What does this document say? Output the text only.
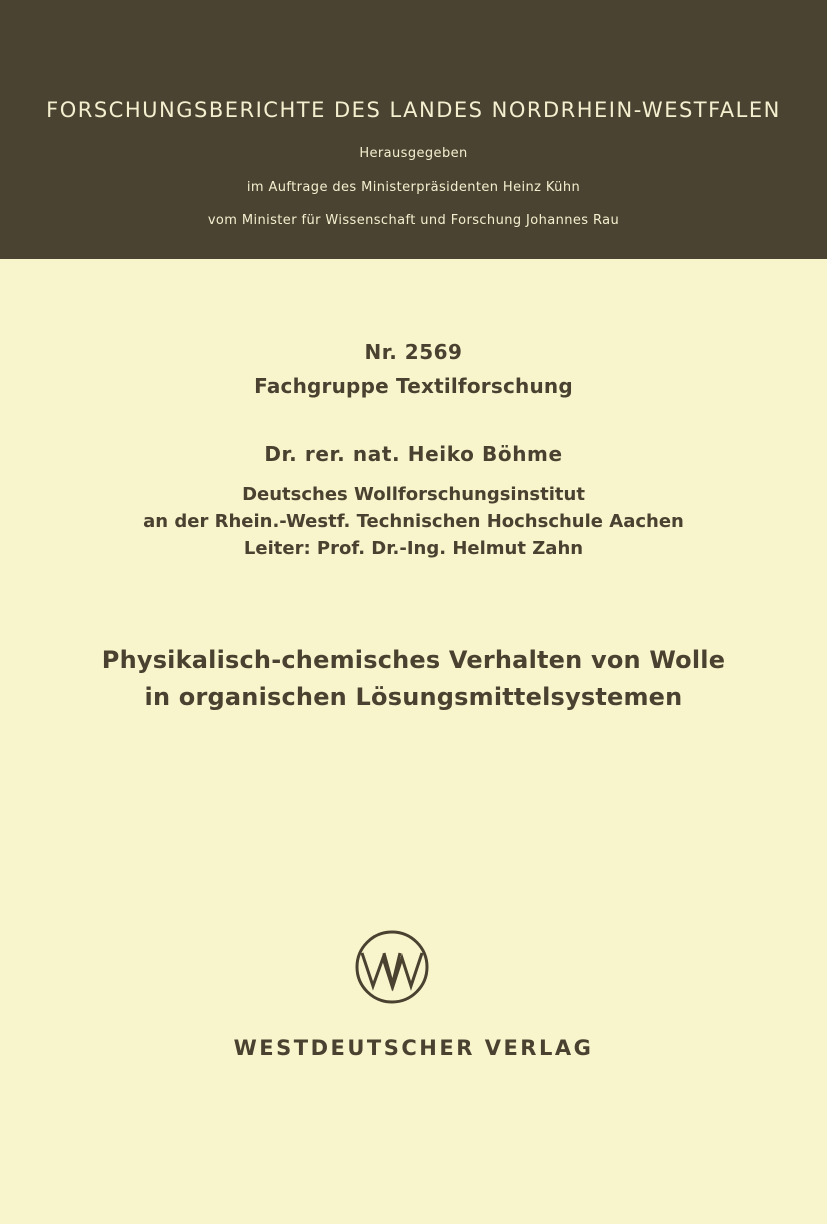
FORSCHUNGSBERICHTE DES LANDES NORDRHEIN-WESTFALEN
Herausgegeben
im Auftrage des Ministerpräsidenten Heinz Kühn
vom Minister für Wissenschaft und Forschung Johannes Rau
Nr. 2569
Fachgruppe Textilforschung
Dr. rer. nat. Heiko Böhme
Deutsches Wollforschungsinstitut
an der Rhein.-Westf. Technischen Hochschule Aachen
Leiter: Prof. Dr.-Ing. Helmut Zahn
Physikalisch-chemisches Verhalten von Wolle
in organischen Lösungsmittelsystemen
WESTDEUTSCHER VERLAG
